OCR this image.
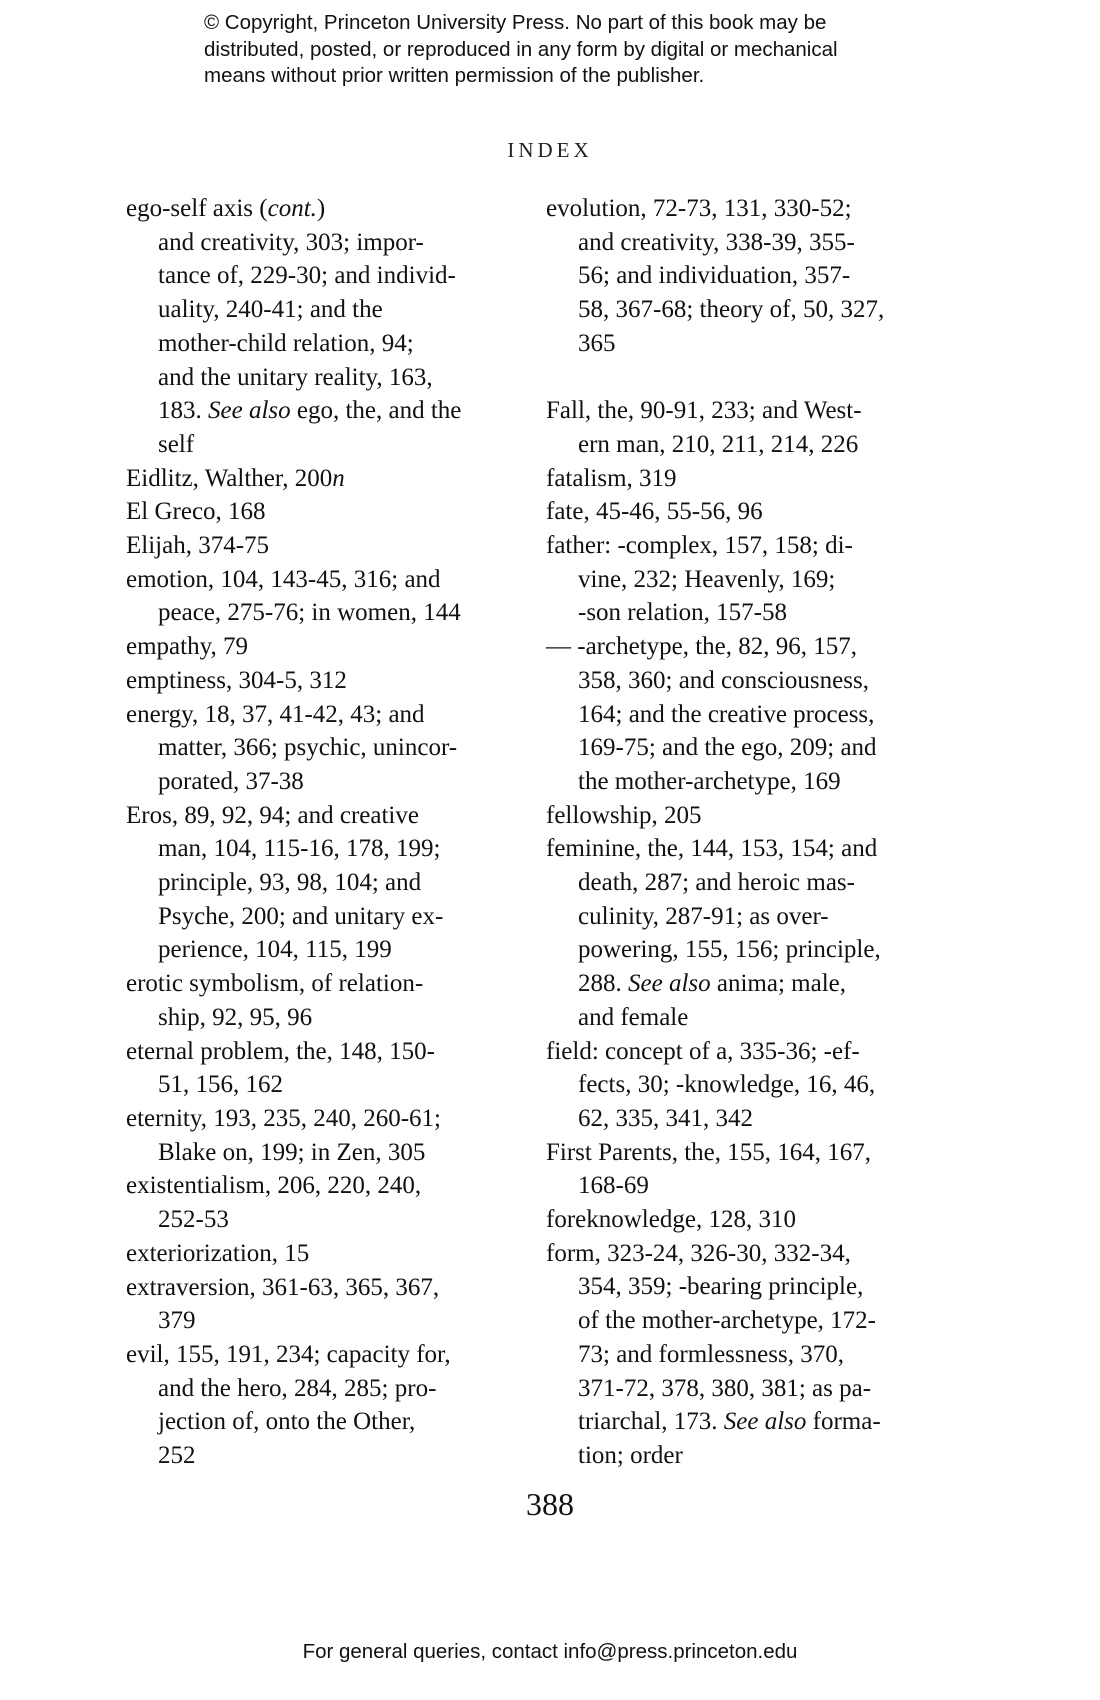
© Copyright, Princeton University Press. No part of this book may be
distributed, posted, or reproduced in any form by digital or mechanical
means without prior written permission of the publisher.
INDEX
ego-self axis (cont.)
and creativity, 303; impor-
tance of, 229-30; and individ-
uality, 240-41; and the
mother-child relation, 94;
and the unitary reality, 163,
183. See also ego, the, and the
self
Eidlitz, Walther, 200n
El Greco, 168
Elijah, 374-75
emotion, 104, 143-45, 316; and
peace, 275-76; in women, 144
empathy, 79
emptiness, 304-5, 312
energy, 18, 37, 41-42, 43; and
matter, 366; psychic, unincor-
porated, 37-38
Eros, 89, 92, 94; and creative
man, 104, 115-16, 178, 199;
principle, 93, 98, 104; and
Psyche, 200; and unitary ex-
perience, 104, 115, 199
erotic symbolism, of relation-
ship, 92, 95, 96
eternal problem, the, 148, 150-
51, 156, 162
eternity, 193, 235, 240, 260-61;
Blake on, 199; in Zen, 305
existentialism, 206, 220, 240,
252-53
exteriorization, 15
extraversion, 361-63, 365, 367,
379
evil, 155, 191, 234; capacity for,
and the hero, 284, 285; pro-
jection of, onto the Other,
252
evolution, 72-73, 131, 330-52;
and creativity, 338-39, 355-
56; and individuation, 357-
58, 367-68; theory of, 50, 327,
365
Fall, the, 90-91, 233; and West-
ern man, 210, 211, 214, 226
fatalism, 319
fate, 45-46, 55-56, 96
father: -complex, 157, 158; di-
vine, 232; Heavenly, 169;
-son relation, 157-58
— -archetype, the, 82, 96, 157,
358, 360; and consciousness,
164; and the creative process,
169-75; and the ego, 209; and
the mother-archetype, 169
fellowship, 205
feminine, the, 144, 153, 154; and
death, 287; and heroic mas-
culinity, 287-91; as over-
powering, 155, 156; principle,
288. See also anima; male,
and female
field: concept of a, 335-36; -ef-
fects, 30; -knowledge, 16, 46,
62, 335, 341, 342
First Parents, the, 155, 164, 167,
168-69
foreknowledge, 128, 310
form, 323-24, 326-30, 332-34,
354, 359; -bearing principle,
of the mother-archetype, 172-
73; and formlessness, 370,
371-72, 378, 380, 381; as pa-
triarchal, 173. See also forma-
tion; order
388
For general queries, contact info@press.princeton.edu
